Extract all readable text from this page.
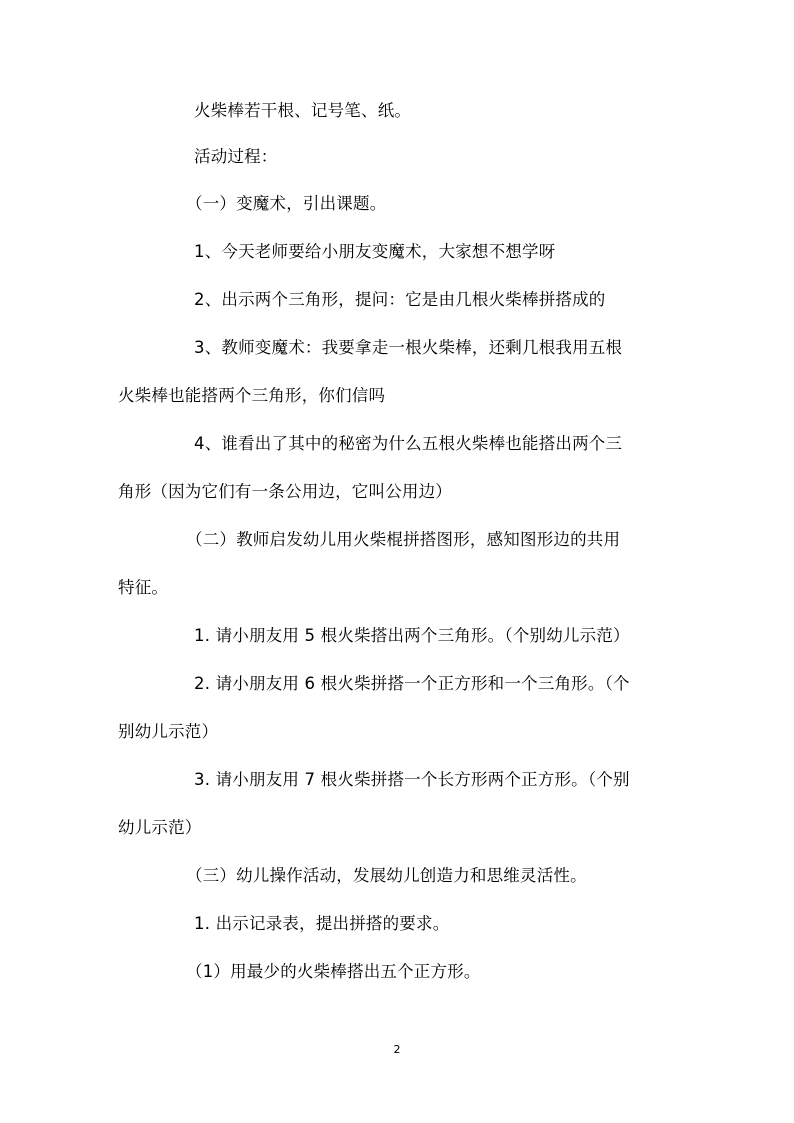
火柴棒若干根、记号笔、纸。
活动过程：
（一）变魔术，引出课题。
1、今天老师要给小朋友变魔术，大家想不想学呀
2、出示两个三角形，提问：它是由几根火柴棒拼搭成的
3、教师变魔术：我要拿走一根火柴棒，还剩几根我用五根
火柴棒也能搭两个三角形，你们信吗
4、谁看出了其中的秘密为什么五根火柴棒也能搭出两个三
角形（因为它们有一条公用边，它叫公用边）
（二）教师启发幼儿用火柴棍拼搭图形，感知图形边的共用
特征。
1. 请小朋友用 5 根火柴搭出两个三角形。（个别幼儿示范）
2. 请小朋友用 6 根火柴拼搭一个正方形和一个三角形。（个
别幼儿示范）
3. 请小朋友用 7 根火柴拼搭一个长方形两个正方形。（个别
幼儿示范）
（三）幼儿操作活动，发展幼儿创造力和思维灵活性。
1. 出示记录表，提出拼搭的要求。
（1）用最少的火柴棒搭出五个正方形。
2
